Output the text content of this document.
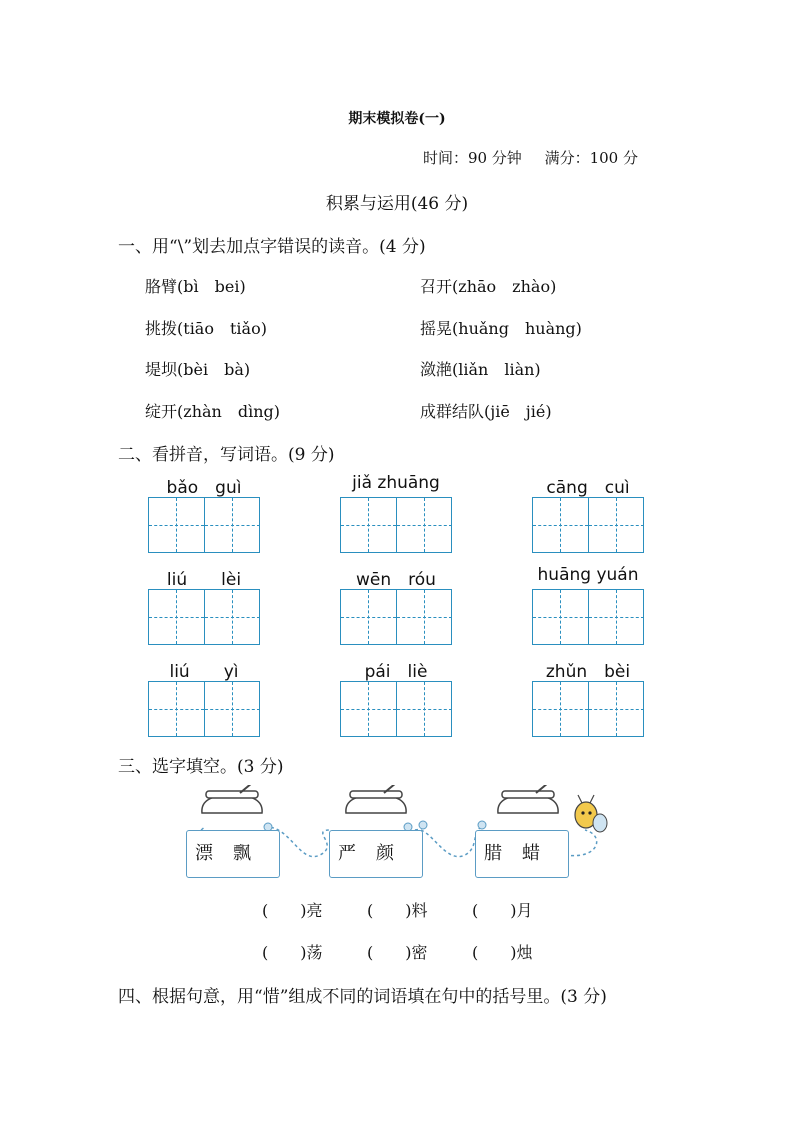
期末模拟卷(一)
时间：90 分钟 满分：100 分
积累与运用(46 分)
一、用“\”划去加点字错误的读音。(4 分)
胳臂(bì　bei)	召开(zhāo　zhào)
挑拨(tiāo　tiǎo)	摇晃(huǎng　huàng)
堤坝(bèi　bà)	潋滟(liǎn　liàn)
绽开(zhàn　dìng)	成群结队(jiē　jié)
二、看拼音，写词语。(9 分)
bǎo　guì	jiǎ zhuāng	cāng　cuì
liú　　lèi	wēn　róu	huāng yuán
liú　　yì	pái　liè	zhǔn　bèi
三、选字填空。(3 分)
漂飘	严颜	腊蜡
(　　)亮	(　　)料	(　　)月
(　　)荡	(　　)密	(　　)烛
四、根据句意，用“惜”组成不同的词语填在句中的括号里。(3 分)
